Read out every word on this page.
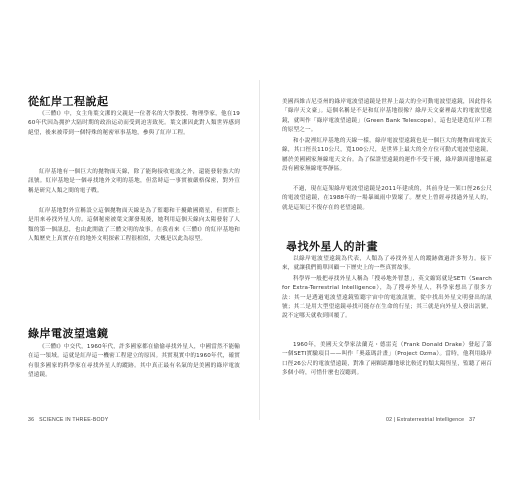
從紅岸工程說起
《三體Ⅰ》中，女主角葉文潔的父親是一位著名的大學教授、物理學家，他在1960年代因為拥护大陆时期的政治运动而受到迫害致死。葉文潔因此對人類世界感到絕望，後來被带到一個特殊的秘密軍事基地，參與了紅岸工程。
紅岸基地有一個巨大的拋物面天線，除了能夠接收電波之外，還能發射強大的訊號。紅岸基地是一個尋找地外文明的基地，但當時這一事實被嚴格保密，對外宣稱是研究人類之間的電子戰。
紅岸基地對外宣稱設立這個拋物面天線是為了監聽和干擾敵國衛星，但實際上是用來尋找外星人的。這個秘密被葉文潔發現後，她利用這個天線向太陽發射了人類的第一個訊息，也由此開啟了三體文明的故事。在我看來《三體Ⅰ》的紅岸基地和人類歷史上真實存在的地外文明探索工程很相似，大概是以此為原型。
綠岸電波望遠鏡
《三體Ⅰ》中交代，1960年代，許多國家都在偷偷尋找外星人，中國當然不能輸在這一領域。這就是紅岸這一機密工程建立的原因。其實現實中的1960年代，確實有很多國家的科學家在尋找外星人的蹤跡。其中真正最有名氣的是美國的綠岸電波望遠鏡。
36 SCIENCE IN THREE-BODY
美國西維吉尼亞州的綠岸電波望遠鏡是世界上最大的全可動電波望遠鏡，因此得名「綠岸天文臺」。這個名稱是不是和紅岸基地很像？綠岸天文臺裡最大的電波望遠鏡，就叫作「綠岸電波望遠鏡」（Green Bank Telescope），這也是建造紅岸工程的原型之一。
和小說裡紅岸基地的天線一樣，綠岸電波望遠鏡也是一個巨大的拋物面電波天線，其口徑長110公尺，寬100公尺，是世界上最大的全方位可動式電波望遠鏡，屬於美國國家無線電天文台。為了保證望遠鏡的運作不受干擾，綠岸鎮周邊地區還設有國家無線電寧靜區。
不過，現在這架綠岸電波望遠鏡是2011年建成的，其前身是一架口徑26公尺的電波望遠鏡，在1988年的一場暴風雨中毀壞了。歷史上曾經尋找過外星人的，就是這架已不復存在的老望遠鏡。
尋找外星人的計畫
以綠岸電波望遠鏡為代表，人類為了尋找外星人的蹤跡做過許多努力。接下來，就讓我們簡單回顧一下歷史上的一些真實故事。
科學界一般把尋找外星人稱為「搜尋地外智慧」，英文縮寫就是SETI（Search for Extra-Terrestrial Intelligence），為了搜尋外星人，科學家想出了很多方法：其一是透過電波望遠鏡監聽宇宙中的電波訊號，從中找出外星文明發出的訊號；其二是用大型望遠鏡尋找可能存在生命的行星；其三就是向外星人發出訊號，說不定哪天就收到回覆了。
1960年，美國天文學家法蘭克・德雷克（Frank Donald Drake）發起了第一個SETI實驗項目——叫作「奧茲瑪計畫」（Project Ozma）。當時，他利用綠岸口徑26公尺的電波望遠鏡，對准了兩顆距離地球比較近的類太陽恆星，監聽了兩百多個小時，可惜什麼也沒聽到。
02 | Extraterrestrial Intelligence 37
